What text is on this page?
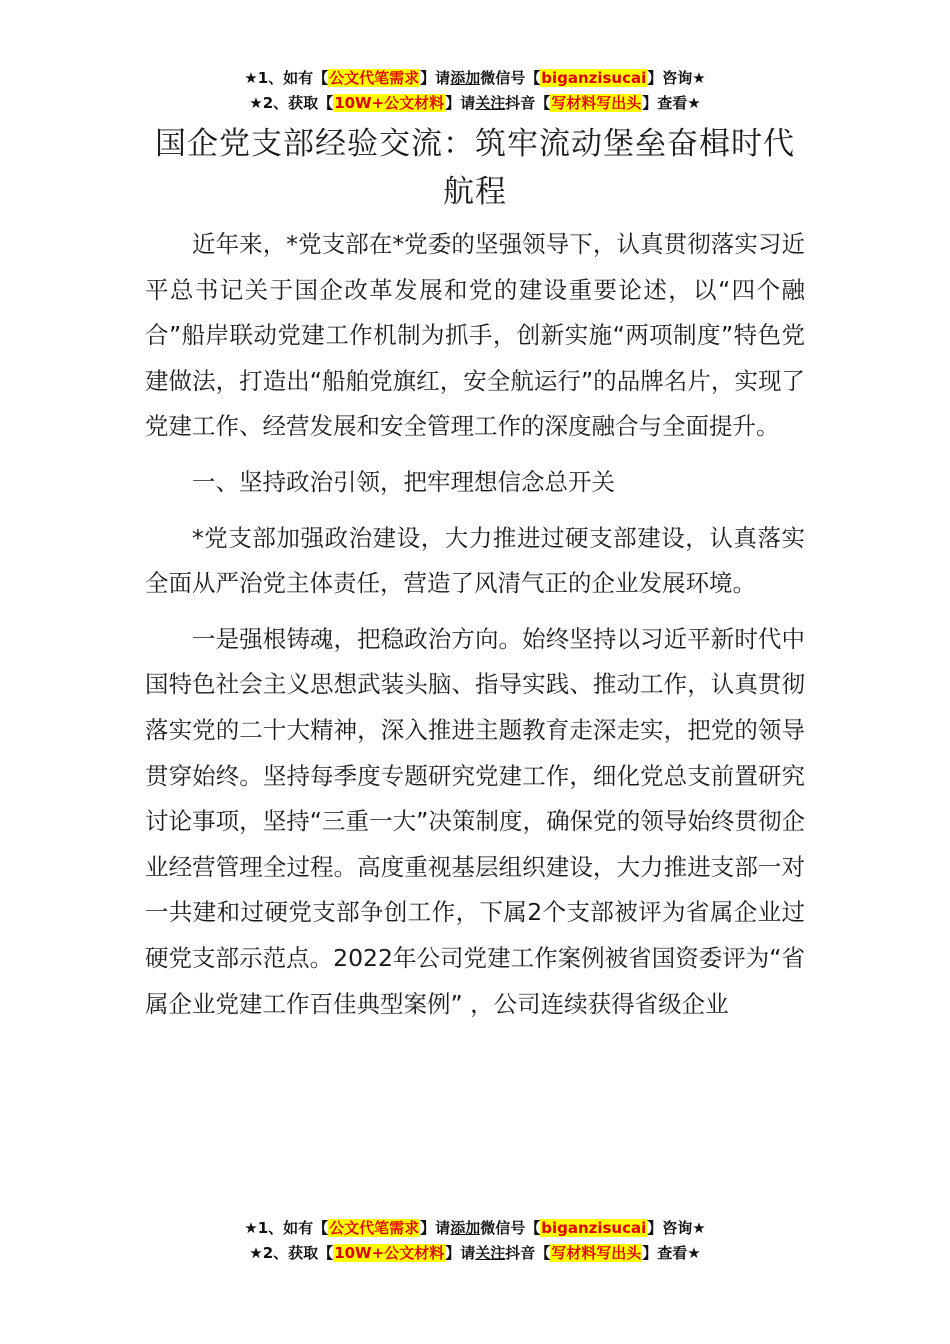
★1、如有【公文代笔需求】请添加微信号【biganzisucai】咨询★
★2、获取【10W+公文材料】请关注抖音【写材料写出头】查看★
国企党支部经验交流：筑牢流动堡垒奋楫时代航程

近年来，*党支部在*党委的坚强领导下，认真贯彻落实习近平总书记关于国企改革发展和党的建设重要论述，以“四个融合”船岸联动党建工作机制为抓手，创新实施“两项制度”特色党建做法，打造出“船舶党旗红，安全航运行”的品牌名片，实现了党建工作、经营发展和安全管理工作的深度融合与全面提升。

一、坚持政治引领，把牢理想信念总开关

*党支部加强政治建设，大力推进过硬支部建设，认真落实全面从严治党主体责任，营造了风清气正的企业发展环境。

一是强根铸魂，把稳政治方向。始终坚持以习近平新时代中国特色社会主义思想武装头脑、指导实践、推动工作，认真贯彻落实党的二十大精神，深入推进主题教育走深走实，把党的领导贯穿始终。坚持每季度专题研究党建工作，细化党总支前置研究讨论事项，坚持“三重一大”决策制度，确保党的领导始终贯彻企业经营管理全过程。高度重视基层组织建设，大力推进支部一对一共建和过硬党支部争创工作，下属2个支部被评为省属企业过硬党支部示范点。2022年公司党建工作案例被省国资委评为“省属企业党建工作百佳典型案例” ，公司连续获得省级企业

★1、如有【公文代笔需求】请添加微信号【biganzisucai】咨询★
★2、获取【10W+公文材料】请关注抖音【写材料写出头】查看★
